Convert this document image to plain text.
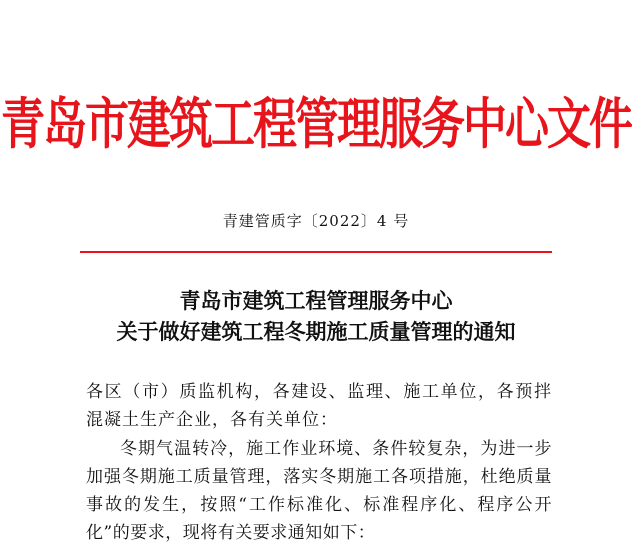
青岛市建筑工程管理服务中心文件
青建管质字〔2022〕4 号
青岛市建筑工程管理服务中心
关于做好建筑工程冬期施工质量管理的通知
各区（市）质监机构，各建设、监理、施工单位，各预拌混凝土生产企业，各有关单位：
冬期气温转冷，施工作业环境、条件较复杂，为进一步加强冬期施工质量管理，落实冬期施工各项措施，杜绝质量事故的发生，按照“工作标准化、标准程序化、程序公开化”的要求，现将有关要求通知如下：
